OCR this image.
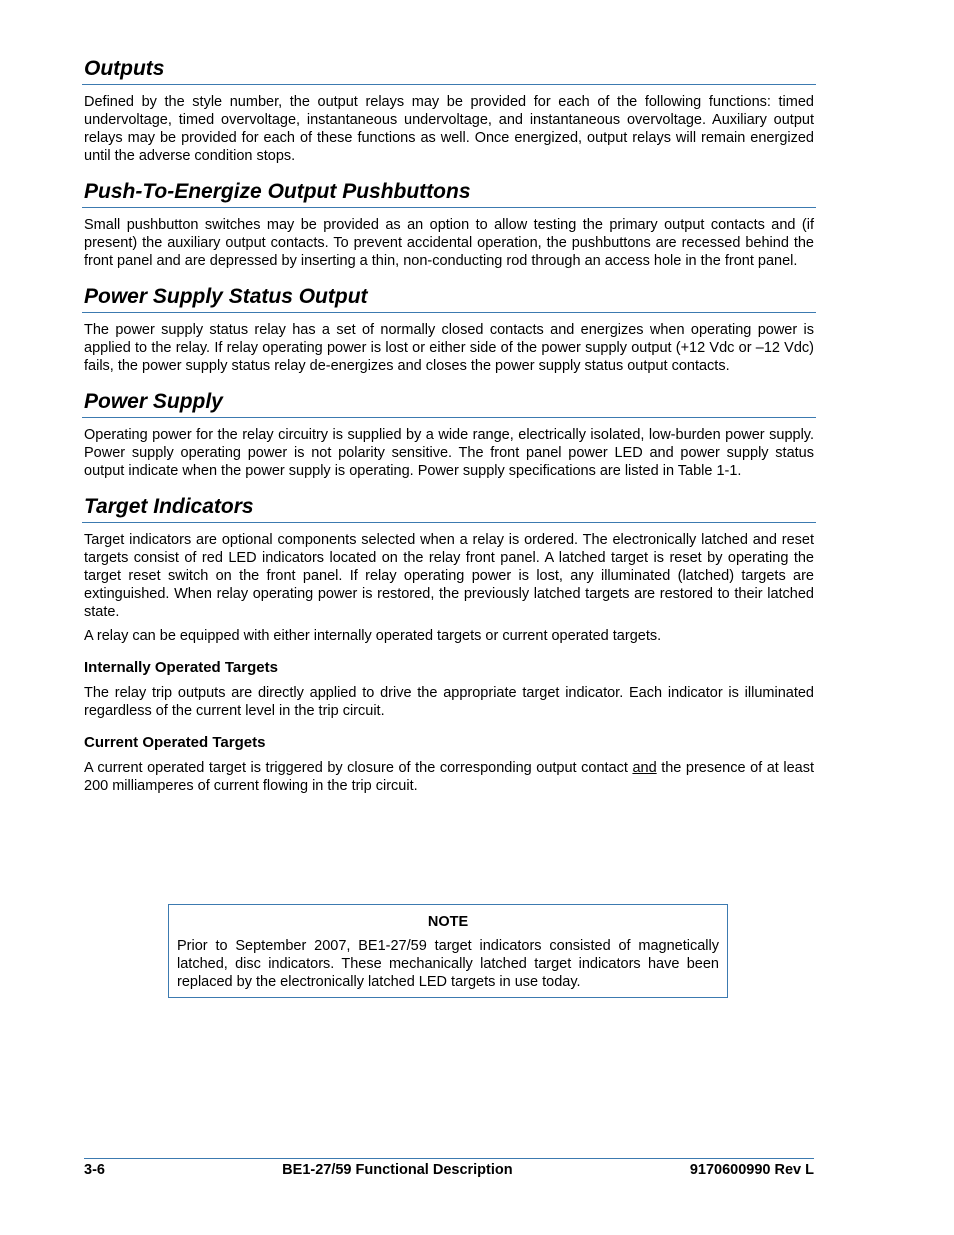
Outputs

Defined by the style number, the output relays may be provided for each of the following functions: timed undervoltage, timed overvoltage, instantaneous undervoltage, and instantaneous overvoltage. Auxiliary output relays may be provided for each of these functions as well. Once energized, output relays will remain energized until the adverse condition stops.

Push-To-Energize Output Pushbuttons

Small pushbutton switches may be provided as an option to allow testing the primary output contacts and (if present) the auxiliary output contacts. To prevent accidental operation, the pushbuttons are recessed behind the front panel and are depressed by inserting a thin, non-conducting rod through an access hole in the front panel.

Power Supply Status Output

The power supply status relay has a set of normally closed contacts and energizes when operating power is applied to the relay. If relay operating power is lost or either side of the power supply output (+12 Vdc or –12 Vdc) fails, the power supply status relay de-energizes and closes the power supply status output contacts.

Power Supply

Operating power for the relay circuitry is supplied by a wide range, electrically isolated, low-burden power supply. Power supply operating power is not polarity sensitive. The front panel power LED and power supply status output indicate when the power supply is operating. Power supply specifications are listed in Table 1-1.

Target Indicators

Target indicators are optional components selected when a relay is ordered. The electronically latched and reset targets consist of red LED indicators located on the relay front panel. A latched target is reset by operating the target reset switch on the front panel. If relay operating power is lost, any illuminated (latched) targets are extinguished. When relay operating power is restored, the previously latched targets are restored to their latched state.

A relay can be equipped with either internally operated targets or current operated targets.

Internally Operated Targets

The relay trip outputs are directly applied to drive the appropriate target indicator. Each indicator is illuminated regardless of the current level in the trip circuit.

Current Operated Targets

A current operated target is triggered by closure of the corresponding output contact and the presence of at least 200 milliamperes of current flowing in the trip circuit.

NOTE

Prior to September 2007, BE1-27/59 target indicators consisted of magnetically latched, disc indicators. These mechanically latched target indicators have been replaced by the electronically latched LED targets in use today.

3-6	BE1-27/59 Functional Description	9170600990 Rev L
